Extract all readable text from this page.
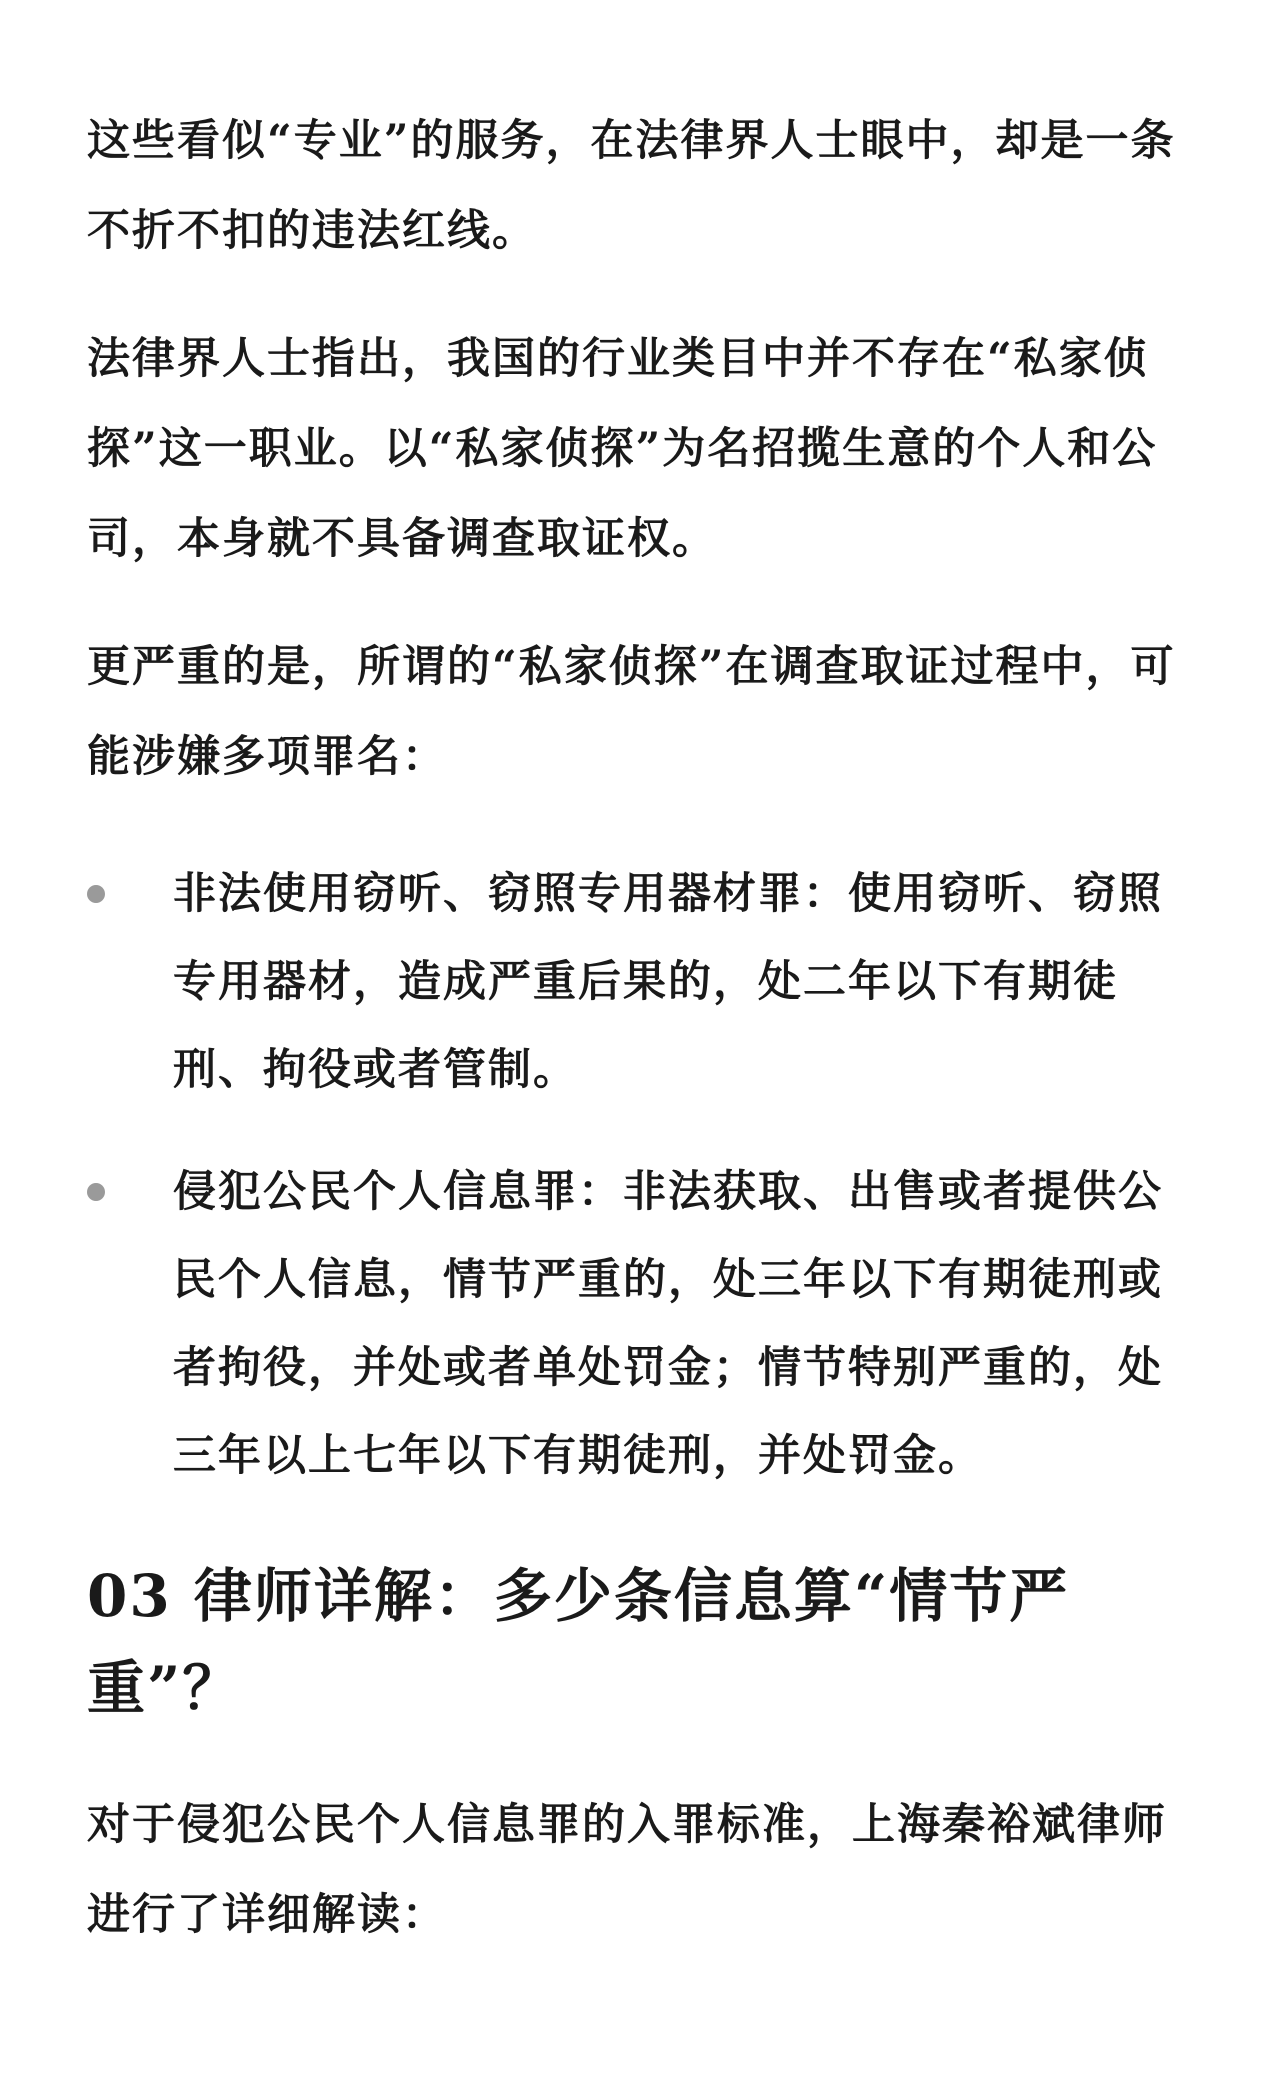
这些看似“专业”的服务，在法律界人士眼中，却是一条不折不扣的违法红线。

法律界人士指出，我国的行业类目中并不存在“私家侦探”这一职业。以“私家侦探”为名招揽生意的个人和公司，本身就不具备调查取证权。

更严重的是，所谓的“私家侦探”在调查取证过程中，可能涉嫌多项罪名：

非法使用窃听、窃照专用器材罪：使用窃听、窃照专用器材，造成严重后果的，处二年以下有期徒刑、拘役或者管制。
侵犯公民个人信息罪：非法获取、出售或者提供公民个人信息，情节严重的，处三年以下有期徒刑或者拘役，并处或者单处罚金；情节特别严重的，处三年以上七年以下有期徒刑，并处罚金。
03 律师详解：多少条信息算“情节严重”？

对于侵犯公民个人信息罪的入罪标准，上海秦裕斌律师进行了详细解读：
